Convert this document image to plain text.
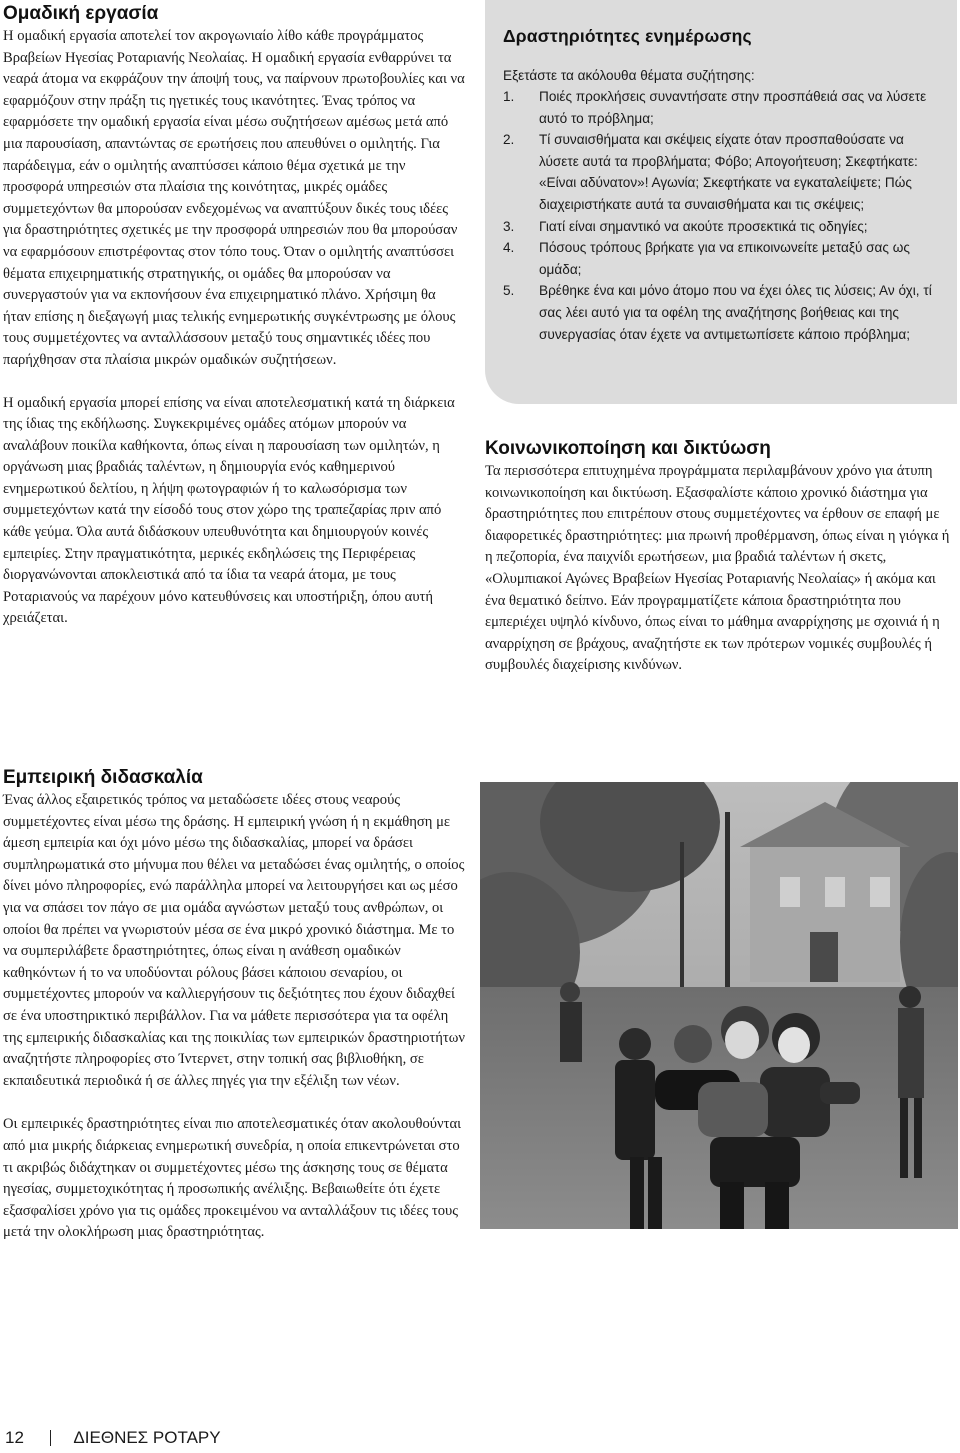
Ομαδική εργασία

Η ομαδική εργασία αποτελεί τον ακρογωνιαίο λίθο κάθε προγράμματος Βραβείων Ηγεσίας Ροταριανής Νεολαίας. Η ομαδική εργασία ενθαρρύνει τα νεαρά άτομα να εκφράζουν την άποψή τους, να παίρνουν πρωτοβουλίες και να εφαρμόζουν στην πράξη τις ηγετικές τους ικανότητες. Ένας τρόπος να εφαρμόσετε την ομαδική εργασία είναι μέσω συζητήσεων αμέσως μετά από μια παρουσίαση, απαντώντας σε ερωτήσεις που απευθύνει ο ομιλητής. Για παράδειγμα, εάν ο ομιλητής αναπτύσσει κάποιο θέμα σχετικά με την προσφορά υπηρεσιών στα πλαίσια της κοινότητας, μικρές ομάδες συμμετεχόντων θα μπορούσαν ενδεχομένως να αναπτύξουν δικές τους ιδέες για δραστηριότητες σχετικές με την προσφορά υπηρεσιών που θα μπορούσαν να εφαρμόσουν επιστρέφοντας στον τόπο τους. Όταν ο ομιλητής αναπτύσσει θέματα επιχειρηματικής στρατηγικής, οι ομάδες θα μπορούσαν να συνεργαστούν για να εκπονήσουν ένα επιχειρηματικό πλάνο. Χρήσιμη θα ήταν επίσης η διεξαγωγή μιας τελικής ενημερωτικής συγκέντρωσης με όλους τους συμμετέχοντες να ανταλλάσσουν μεταξύ τους σημαντικές ιδέες που παρήχθησαν στα πλαίσια μικρών ομαδικών συζητήσεων.

Η ομαδική εργασία μπορεί επίσης να είναι αποτελεσματική κατά τη διάρκεια της ίδιας της εκδήλωσης. Συγκεκριμένες ομάδες ατόμων μπορούν να αναλάβουν ποικίλα καθήκοντα, όπως είναι η παρουσίαση των ομιλητών, η οργάνωση μιας βραδιάς ταλέντων, η δημιουργία ενός καθημερινού ενημερωτικού δελτίου, η λήψη φωτογραφιών ή το καλωσόρισμα των συμμετεχόντων κατά την είσοδό τους στον χώρο της τραπεζαρίας πριν από κάθε γεύμα. Όλα αυτά διδάσκουν υπευθυνότητα και δημιουργούν κοινές εμπειρίες. Στην πραγματικότητα, μερικές εκδηλώσεις της Περιφέρειας διοργανώνονται αποκλειστικά από τα ίδια τα νεαρά άτομα, με τους Ροταριανούς να παρέχουν μόνο κατευθύνσεις και υποστήριξη, όπου αυτή χρειάζεται.

Εμπειρική διδασκαλία

Ένας άλλος εξαιρετικός τρόπος να μεταδώσετε ιδέες στους νεαρούς συμμετέχοντες είναι μέσω της δράσης. Η εμπειρική γνώση ή η εκμάθηση με άμεση εμπειρία και όχι μόνο μέσω της διδασκαλίας, μπορεί να δράσει συμπληρωματικά στο μήνυμα που θέλει να μεταδώσει ένας ομιλητής, ο οποίος δίνει μόνο πληροφορίες, ενώ παράλληλα μπορεί να λειτουργήσει και ως μέσο για να σπάσει τον πάγο σε μια ομάδα αγνώστων μεταξύ τους ανθρώπων, οι οποίοι θα πρέπει να γνωριστούν μέσα σε ένα μικρό χρονικό διάστημα. Με το να συμπεριλάβετε δραστηριότητες, όπως είναι η ανάθεση ομαδικών καθηκόντων ή το να υποδύονται ρόλους βάσει κάποιου σεναρίου, οι συμμετέχοντες μπορούν να καλλιεργήσουν τις δεξιότητες που έχουν διδαχθεί σε ένα υποστηρικτικό περιβάλλον. Για να μάθετε περισσότερα για τα οφέλη της εμπειρικής διδασκαλίας και της ποικιλίας των εμπειρικών δραστηριοτήτων αναζητήστε πληροφορίες στο Ίντερνετ, στην τοπική σας βιβλιοθήκη, σε εκπαιδευτικά περιοδικά ή σε άλλες πηγές για την εξέλιξη των νέων.

Οι εμπειρικές δραστηριότητες είναι πιο αποτελεσματικές όταν ακολουθούνται από μια μικρής διάρκειας ενημερωτική συνεδρία, η οποία επικεντρώνεται στο τι ακριβώς διδάχτηκαν οι συμμετέχοντες μέσω της άσκησης τους σε θέματα ηγεσίας, συμμετοχικότητας ή προσωπικής ανέλιξης. Βεβαιωθείτε ότι έχετε εξασφαλίσει χρόνο για τις ομάδες προκειμένου να ανταλλάξουν τις ιδέες τους μετά την ολοκλήρωση μιας δραστηριότητας.

Δραστηριότητες ενημέρωσης

Εξετάστε τα ακόλουθα θέματα συζήτησης:

1. Ποιές προκλήσεις συναντήσατε στην προσπάθειά σας να λύσετε αυτό το πρόβλημα;
2. Τί συναισθήματα και σκέψεις είχατε όταν προσπαθούσατε να λύσετε αυτά τα προβλήματα; Φόβο; Απογοήτευση; Σκεφτήκατε: «Είναι αδύνατον»! Αγωνία; Σκεφτήκατε να εγκαταλείψετε; Πώς διαχειριστήκατε αυτά τα συναισθήματα και τις σκέψεις;
3. Γιατί είναι σημαντικό να ακούτε προσεκτικά τις οδηγίες;
4. Πόσους τρόπους βρήκατε για να επικοινωνείτε μεταξύ σας ως ομάδα;
5. Βρέθηκε ένα και μόνο άτομο που να έχει όλες τις λύσεις; Αν όχι, τί σας λέει αυτό για τα οφέλη της αναζήτησης βοήθειας και της συνεργασίας όταν έχετε να αντιμετωπίσετε κάποιο πρόβλημα;
Κοινωνικοποίηση και δικτύωση

Τα περισσότερα επιτυχημένα προγράμματα περιλαμβάνουν χρόνο για άτυπη κοινωνικοποίηση και δικτύωση. Εξασφαλίστε κάποιο χρονικό διάστημα για δραστηριότητες που επιτρέπουν στους συμμετέχοντες να έρθουν σε επαφή με διαφορετικές δραστηριότητες: μια πρωινή προθέρμανση, όπως είναι η γιόγκα ή η πεζοπορία, ένα παιχνίδι ερωτήσεων, μια βραδιά ταλέντων ή σκετς, «Ολυμπιακοί Αγώνες Βραβείων Ηγεσίας Ροταριανής Νεολαίας» ή ακόμα και ένα θεματικό δείπνο. Εάν προγραμματίζετε κάποια δραστηριότητα που εμπεριέχει υψηλό κίνδυνο, όπως είναι το μάθημα αναρρίχησης με σχοινιά ή η αναρρίχηση σε βράχους, αναζητήστε εκ των πρότερων νομικές συμβουλές ή συμβουλές διαχείρισης κινδύνων.

12	ΔΙΕΘΝΕΣ ΡΟΤΑΡΥ
